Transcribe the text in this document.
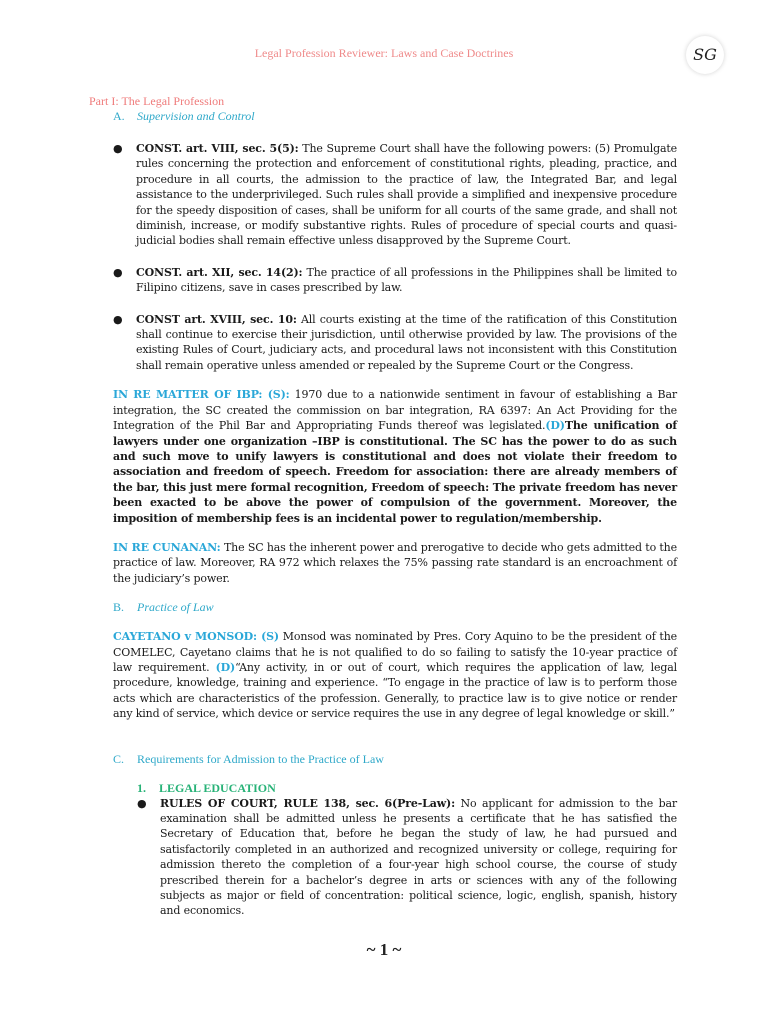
Legal Profession Reviewer: Laws and Case Doctrines	SG
Part I: The Legal Profession
A. Supervision and Control
● CONST. art. VIII, sec. 5(5): The Supreme Court shall have the following powers: (5) Promulgate rules concerning the protection and enforcement of constitutional rights, pleading, practice, and procedure in all courts, the admission to the practice of law, the Integrated Bar, and legal assistance to the underprivileged. Such rules shall provide a simplified and inexpensive procedure for the speedy disposition of cases, shall be uniform for all courts of the same grade, and shall not diminish, increase, or modify substantive rights. Rules of procedure of special courts and quasi-judicial bodies shall remain effective unless disapproved by the Supreme Court.

● CONST. art. XII, sec. 14(2): The practice of all professions in the Philippines shall be limited to Filipino citizens, save in cases prescribed by law.

● CONST art. XVIII, sec. 10: All courts existing at the time of the ratification of this Constitution shall continue to exercise their jurisdiction, until otherwise provided by law. The provisions of the existing Rules of Court, judiciary acts, and procedural laws not inconsistent with this Constitution shall remain operative unless amended or repealed by the Supreme Court or the Congress.

IN RE MATTER OF IBP: (S): 1970 due to a nationwide sentiment in favour of establishing a Bar integration, the SC created the commission on bar integration, RA 6397: An Act Providing for the Integration of the Phil Bar and Appropriating Funds thereof was legislated.(D)The unification of lawyers under one organization –IBP is constitutional. The SC has the power to do as such and such move to unify lawyers is constitutional and does not violate their freedom to association and freedom of speech. Freedom for association: there are already members of the bar, this just mere formal recognition, Freedom of speech: The private freedom has never been exacted to be above the power of compulsion of the government. Moreover, the imposition of membership fees is an incidental power to regulation/membership.

IN RE CUNANAN: The SC has the inherent power and prerogative to decide who gets admitted to the practice of law. Moreover, RA 972 which relaxes the 75% passing rate standard is an encroachment of the judiciary’s power.

B. Practice of Law

CAYETANO v MONSOD: (S) Monsod was nominated by Pres. Cory Aquino to be the president of the COMELEC, Cayetano claims that he is not qualified to do so failing to satisfy the 10-year practice of law requirement. (D)“Any activity, in or out of court, which requires the application of law, legal procedure, knowledge, training and experience. “To engage in the practice of law is to perform those acts which are characteristics of the profession. Generally, to practice law is to give notice or render any kind of service, which device or service requires the use in any degree of legal knowledge or skill.”

C. Requirements for Admission to the Practice of Law
1. LEGAL EDUCATION
● RULES OF COURT, RULE 138, sec. 6(Pre-Law): No applicant for admission to the bar examination shall be admitted unless he presents a certificate that he has satisfied the Secretary of Education that, before he began the study of law, he had pursued and satisfactorily completed in an authorized and recognized university or college, requiring for admission thereto the completion of a four-year high school course, the course of study prescribed therein for a bachelor’s degree in arts or sciences with any of the following subjects as major or field of concentration: political science, logic, english, spanish, history and economics.

~ 1 ~
